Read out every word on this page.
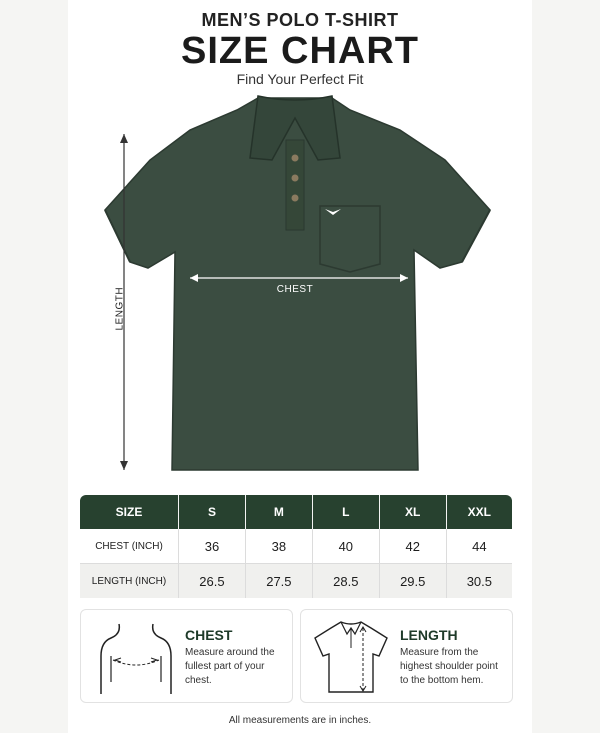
MEN’S POLO T-SHIRT
SIZE CHART
Find Your Perfect Fit
LENGTH	CHEST
SIZE	S	M	L	XL	XXL
CHEST (INCH)	36	38	40	42	44
LENGTH (INCH)	26.5	27.5	28.5	29.5	30.5
CHEST
Measure around the fullest part of your chest.
LENGTH
Measure from the highest shoulder point to the bottom hem.
All measurements are in inches.
